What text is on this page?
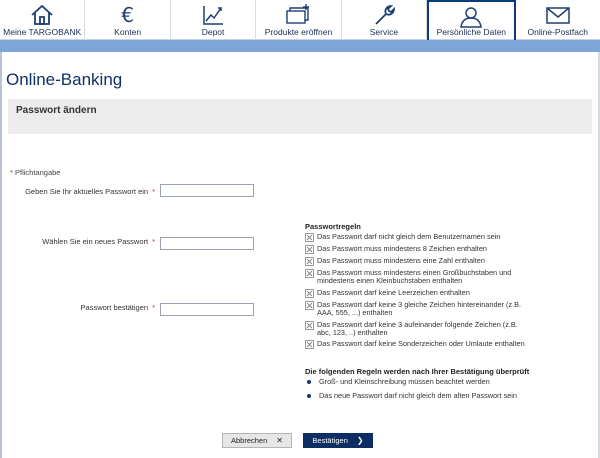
Meine TARGOBANK
€
Konten	Depot	Produkte eröffnen	Service	Persönliche Daten	Online-Postfach
Online-Banking
Passwort ändern
* Pflichtangabe
Geben Sie Ihr aktuelles Passwort ein *
Wählen Sie ein neues Passwort *
Passwort bestätigen *
Passwortregeln
Das Passwort darf nicht gleich dem Benutzernamen sein
Das Passwort muss mindestens 8 Zeichen enthalten
Das Passwort muss mindestens eine Zahl enthalten
Das Passwort muss mindestens einen Großbuchstaben und mindestens einen Kleinbuchstaben enthalten
Das Passwort darf keine Leerzeichen enthalten
Das Passwort darf keine 3 gleiche Zeichen hintereinander (z.B. AAA, 555, ...) enthalten
Das Passwort darf keine 3 aufeinander folgende Zeichen (z.B. abc, 123, ..) enthalten
Das Passwort darf keine Sonderzeichen oder Umlaute enthalten
Die folgenden Regeln werden nach Ihrer Bestätigung überprüft
Groß- und Kleinschreibung müssen beachtet werden
Das neue Passwort darf nicht gleich dem alten Passwort sein
Abbrechen ✕	Bestätigen ❯
